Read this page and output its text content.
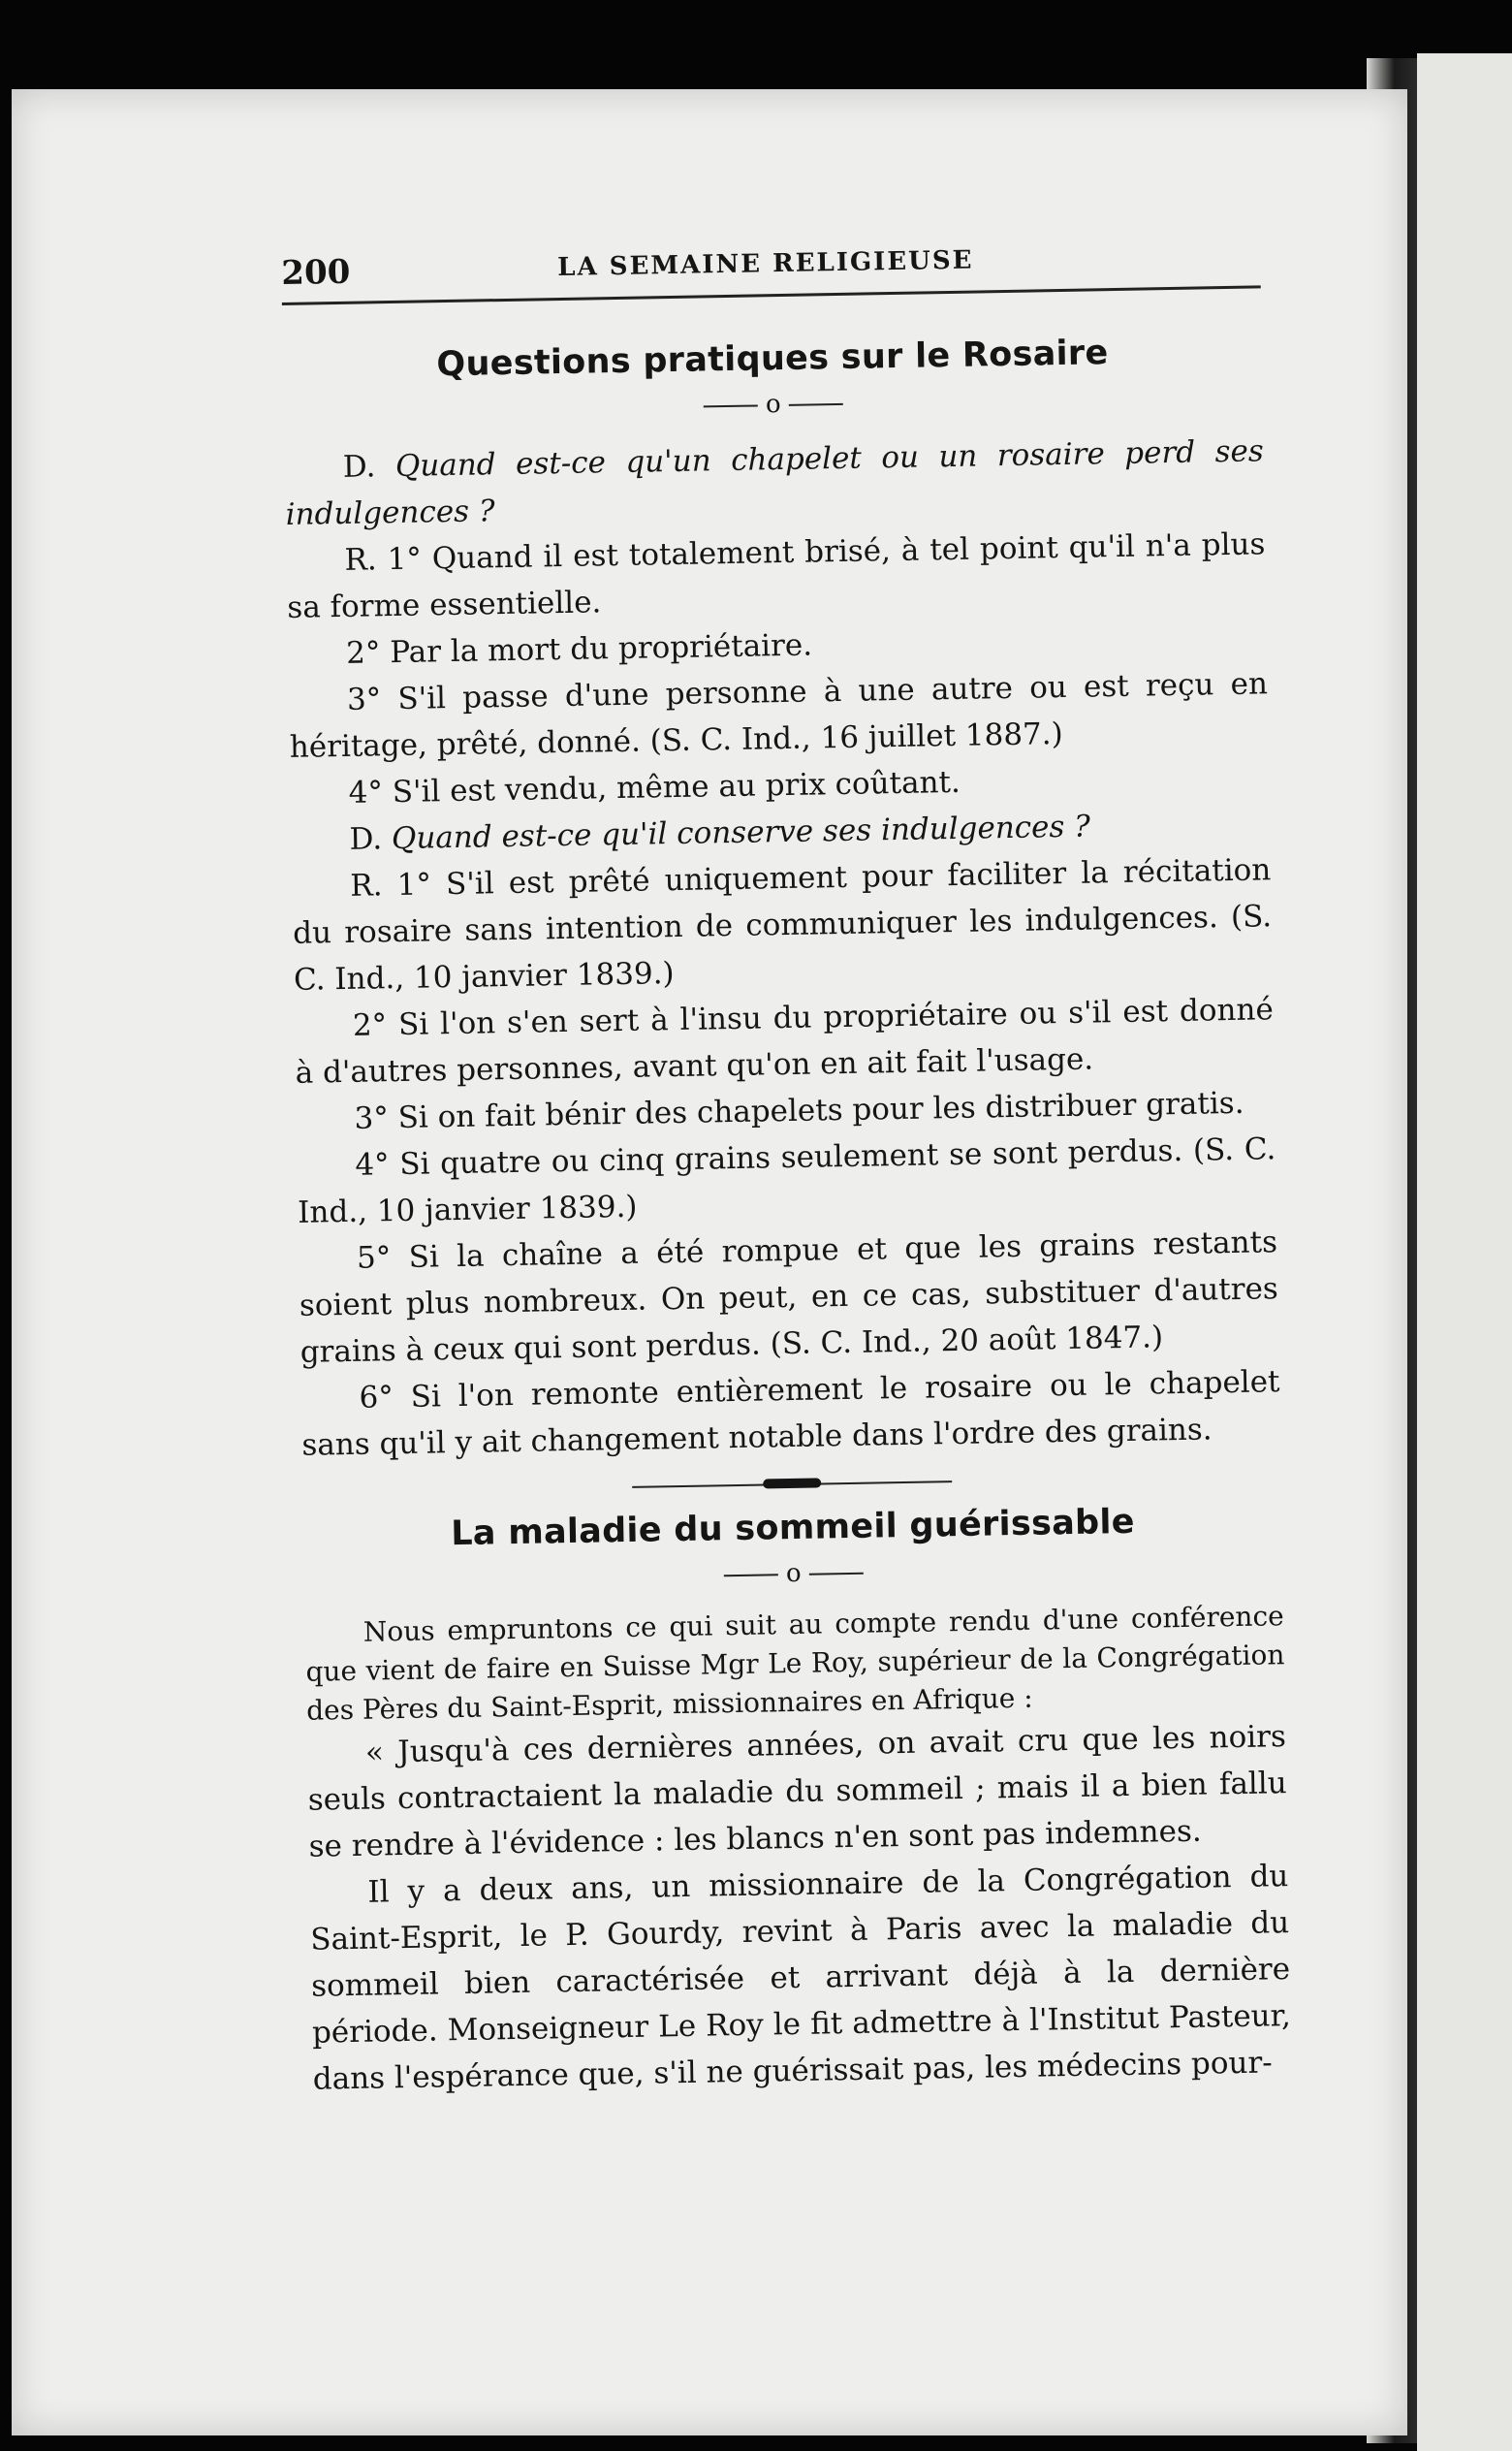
200	LA SEMAINE RELIGIEUSE
Questions pratiques sur le Rosaire
o

D. Quand est-ce qu'un chapelet ou un rosaire perd ses indulgences ?

R. 1° Quand il est totalement brisé, à tel point qu'il n'a plus sa forme essentielle.

2° Par la mort du propriétaire.

3° S'il passe d'une personne à une autre ou est reçu en héritage, prêté, donné. (S. C. Ind., 16 juillet 1887.)

4° S'il est vendu, même au prix coûtant.

D. Quand est-ce qu'il conserve ses indulgences ?

R. 1° S'il est prêté uniquement pour faciliter la récitation du rosaire sans intention de communiquer les indulgences. (S. C. Ind., 10 janvier 1839.)

2° Si l'on s'en sert à l'insu du propriétaire ou s'il est donné à d'autres personnes, avant qu'on en ait fait l'usage.

3° Si on fait bénir des chapelets pour les distribuer gratis.

4° Si quatre ou cinq grains seulement se sont perdus. (S. C. Ind., 10 janvier 1839.)

5° Si la chaîne a été rompue et que les grains restants soient plus nombreux. On peut, en ce cas, substituer d'autres grains à ceux qui sont perdus. (S. C. Ind., 20 août 1847.)

6° Si l'on remonte entièrement le rosaire ou le chapelet sans qu'il y ait changement notable dans l'ordre des grains.

La maladie du sommeil guérissable
o

Nous empruntons ce qui suit au compte rendu d'une conférence que vient de faire en Suisse Mgr Le Roy, supérieur de la Congrégation des Pères du Saint-Esprit, missionnaires en Afrique :

« Jusqu'à ces dernières années, on avait cru que les noirs seuls contractaient la maladie du sommeil ; mais il a bien fallu se rendre à l'évidence : les blancs n'en sont pas indemnes.

Il y a deux ans, un missionnaire de la Congrégation du Saint-Esprit, le P. Gourdy, revint à Paris avec la maladie du sommeil bien caractérisée et arrivant déjà à la dernière période. Monseigneur Le Roy le fit admettre à l'Institut Pasteur, dans l'espérance que, s'il ne guérissait pas, les médecins pour-
